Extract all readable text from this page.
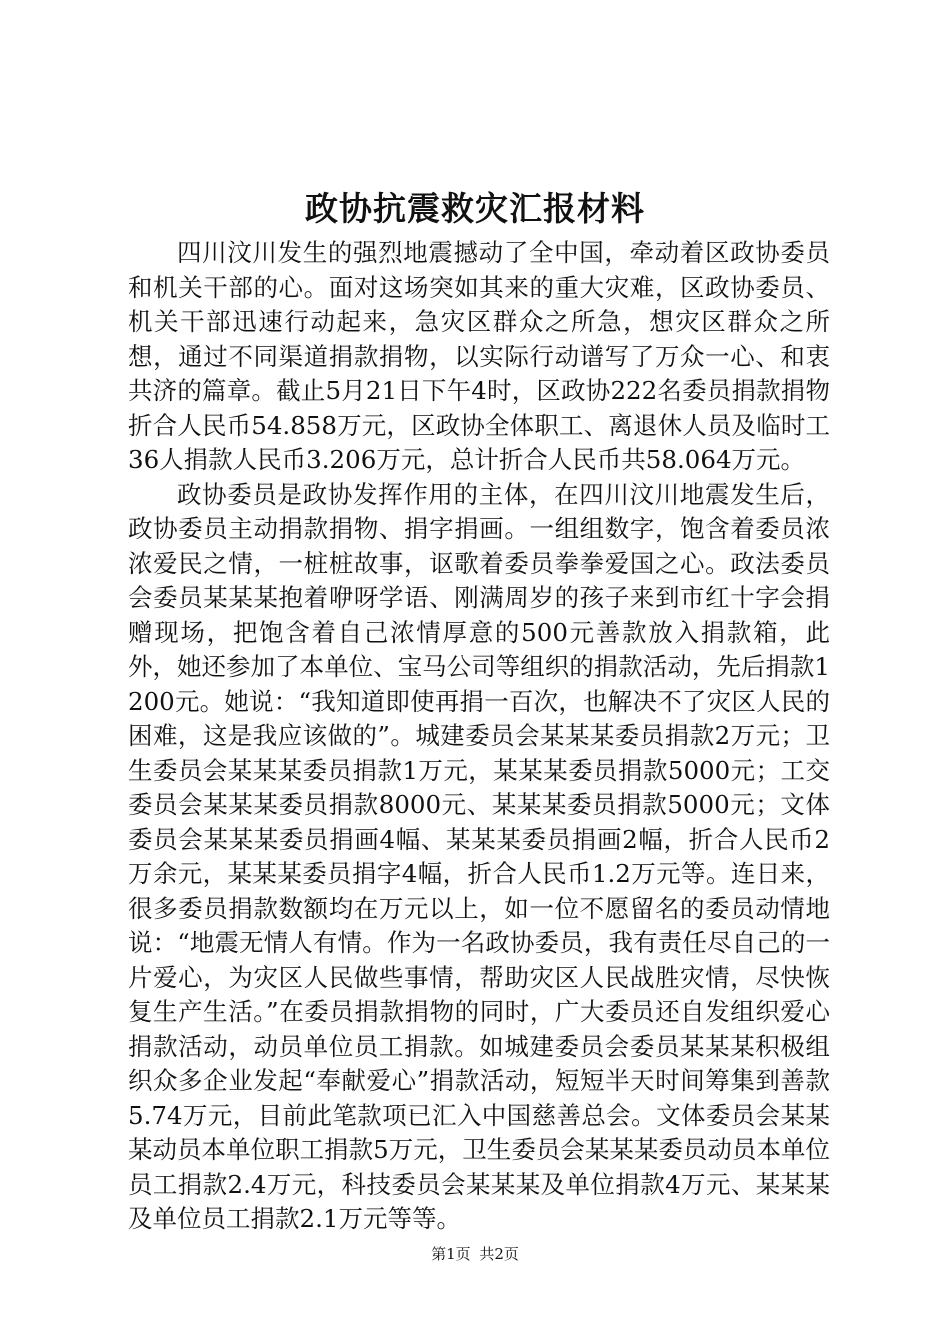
政协抗震救灾汇报材料

四川汶川发生的强烈地震撼动了全中国，牵动着区政协委员和机关干部的心。面对这场突如其来的重大灾难，区政协委员、机关干部迅速行动起来，急灾区群众之所急，想灾区群众之所想，通过不同渠道捐款捐物，以实际行动谱写了万众一心、和衷共济的篇章。截止5月21日下午4时，区政协222名委员捐款捐物折合人民币54.858万元，区政协全体职工、离退休人员及临时工36人捐款人民币3.206万元，总计折合人民币共58.064万元。

政协委员是政协发挥作用的主体，在四川汶川地震发生后，政协委员主动捐款捐物、捐字捐画。一组组数字，饱含着委员浓浓爱民之情，一桩桩故事，讴歌着委员拳拳爱国之心。政法委员会委员某某某抱着咿呀学语、刚满周岁的孩子来到市红十字会捐赠现场，把饱含着自己浓情厚意的500元善款放入捐款箱，此外，她还参加了本单位、宝马公司等组织的捐款活动，先后捐款1200元。她说：“我知道即使再捐一百次，也解决不了灾区人民的困难，这是我应该做的”。城建委员会某某某委员捐款2万元；卫生委员会某某某委员捐款1万元，某某某委员捐款5000元；工交委员会某某某委员捐款8000元、某某某委员捐款5000元；文体委员会某某某委员捐画4幅、某某某委员捐画2幅，折合人民币2万余元，某某某委员捐字4幅，折合人民币1.2万元等。连日来，很多委员捐款数额均在万元以上，如一位不愿留名的委员动情地说：“地震无情人有情。作为一名政协委员，我有责任尽自己的一片爱心，为灾区人民做些事情，帮助灾区人民战胜灾情，尽快恢复生产生活。”在委员捐款捐物的同时，广大委员还自发组织爱心捐款活动，动员单位员工捐款。如城建委员会委员某某某积极组织众多企业发起“奉献爱心”捐款活动，短短半天时间筹集到善款5.74万元，目前此笔款项已汇入中国慈善总会。文体委员会某某某动员本单位职工捐款5万元，卫生委员会某某某委员动员本单位员工捐款2.4万元，科技委员会某某某及单位捐款4万元、某某某及单位员工捐款2.1万元等等。

第1页 共2页
